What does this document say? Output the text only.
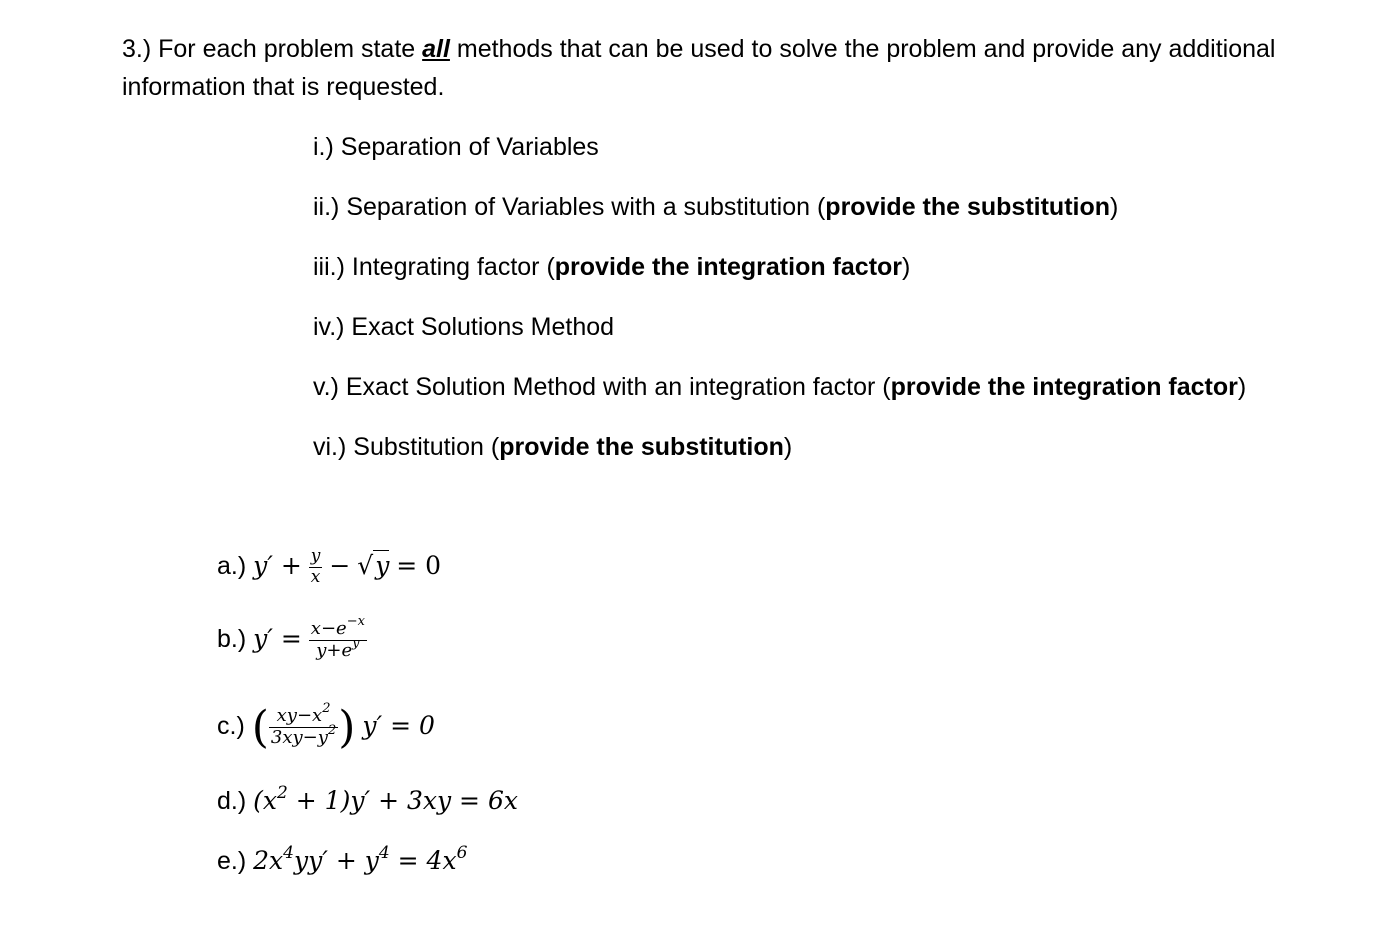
3.) For each problem state all methods that can be used to solve the problem and provide any additional
information that is requested.
i.) Separation of Variables
ii.) Separation of Variables with a substitution (provide the substitution)
iii.) Integrating factor (provide the integration factor)
iv.) Exact Solutions Method
v.) Exact Solution Method with an integration factor (provide the integration factor)
vi.) Substitution (provide the substitution)
a.) $y' + \frac{y}{x} - √y = 0$
b.) $y' = \frac{x-e^{-x}}{y+e^y}$
c.) ( $\frac{xy-x^2}{3xy-y^2}$ ) y′ = 0
d.) $(x^2 + 1)y' + 3xy = 6x$
e.) $2x^4yy' + y^4 = 4x^6$
